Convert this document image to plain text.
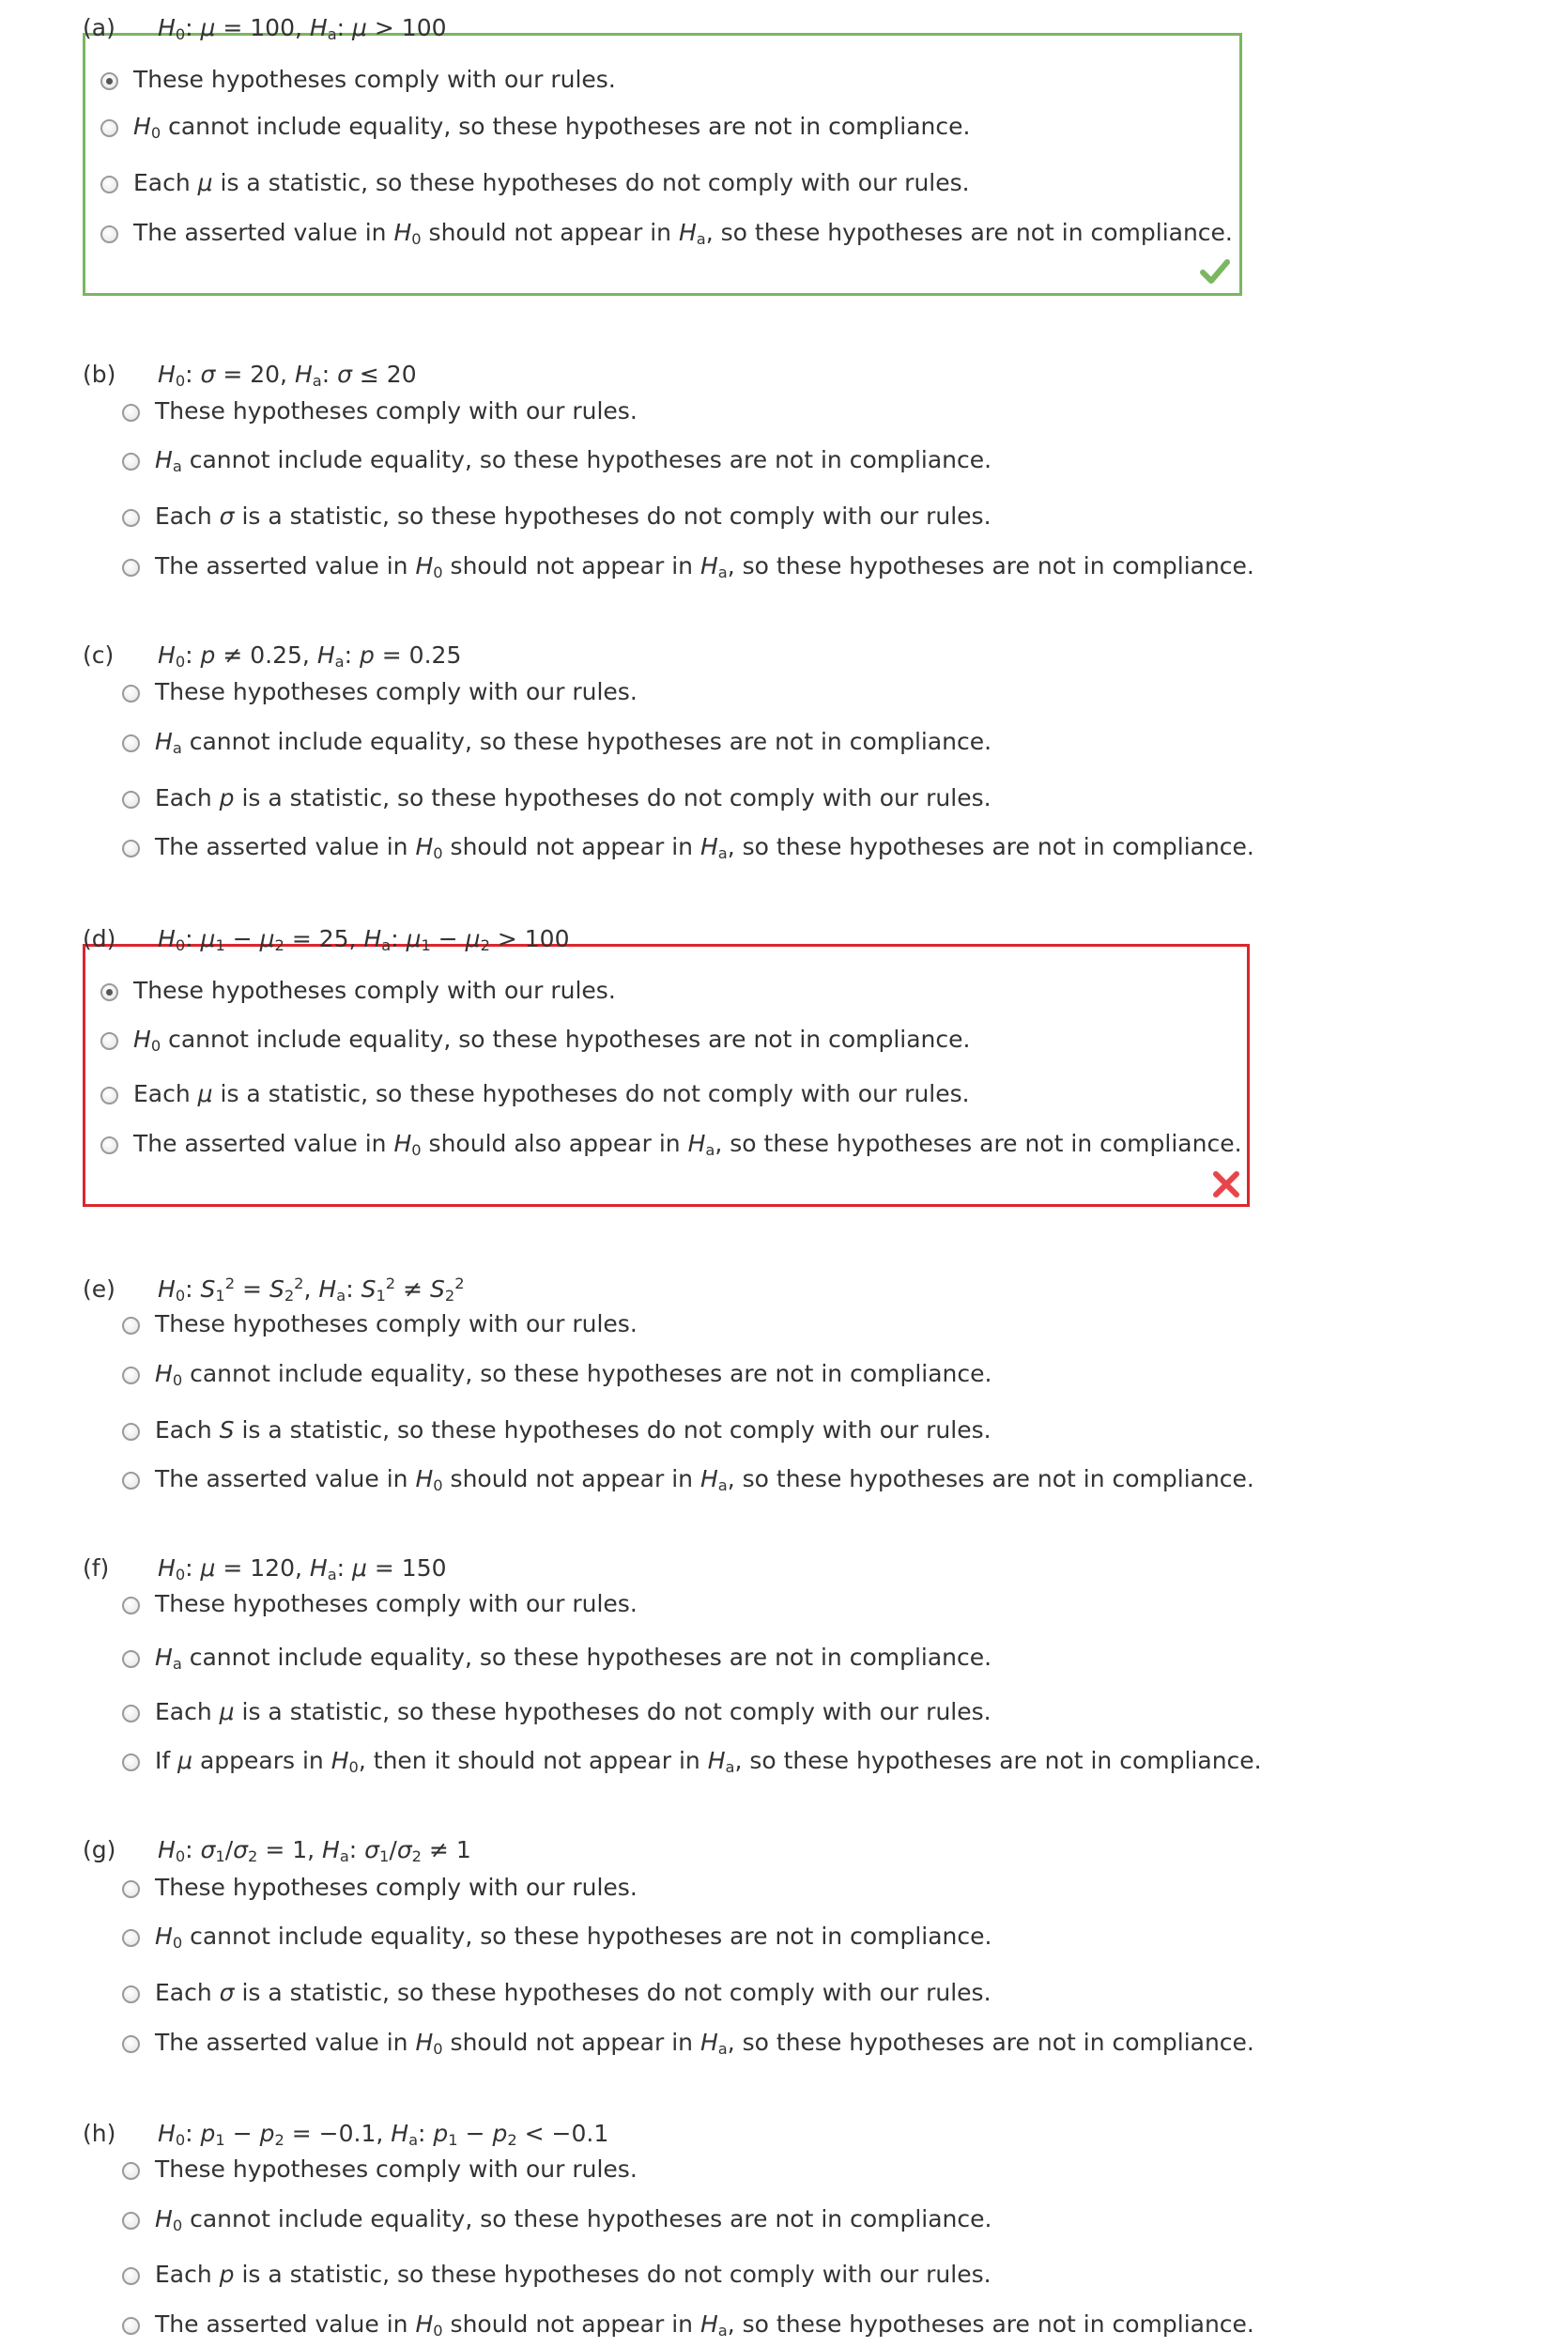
(a) $H_0$: μ = 100, $H_a$: μ > 100
These hypotheses comply with our rules.
$H_0$ cannot include equality, so these hypotheses are not in compliance.
Each μ is a statistic, so these hypotheses do not comply with our rules.
The asserted value in $H_0$ should not appear in $H_a$, so these hypotheses are not in compliance.
(b) $H_0$: σ = 20, $H_a$: σ ≤ 20
These hypotheses comply with our rules.
$H_a$ cannot include equality, so these hypotheses are not in compliance.
Each σ is a statistic, so these hypotheses do not comply with our rules.
The asserted value in $H_0$ should not appear in $H_a$, so these hypotheses are not in compliance.
(c) $H_0$: p ≠ 0.25, $H_a$: p = 0.25
These hypotheses comply with our rules.
$H_a$ cannot include equality, so these hypotheses are not in compliance.
Each p is a statistic, so these hypotheses do not comply with our rules.
The asserted value in $H_0$ should not appear in $H_a$, so these hypotheses are not in compliance.
(d) $H_0$: $\mu_1 - \mu_2 = 25$, $H_a$: $\mu_1 - \mu_2 > 100$
These hypotheses comply with our rules.
$H_0$ cannot include equality, so these hypotheses are not in compliance.
Each μ is a statistic, so these hypotheses do not comply with our rules.
The asserted value in $H_0$ should also appear in $H_a$, so these hypotheses are not in compliance.
(e) $H_0$: $S_1^2 = S_2^2$, $H_a$: $S_1^2 \ne S_2^2$
These hypotheses comply with our rules.
$H_0$ cannot include equality, so these hypotheses are not in compliance.
Each S is a statistic, so these hypotheses do not comply with our rules.
The asserted value in $H_0$ should not appear in $H_a$, so these hypotheses are not in compliance.
(f) $H_0$: μ = 120, $H_a$: μ = 150
These hypotheses comply with our rules.
$H_a$ cannot include equality, so these hypotheses are not in compliance.
Each μ is a statistic, so these hypotheses do not comply with our rules.
If μ appears in $H_0$, then it should not appear in $H_a$, so these hypotheses are not in compliance.
(g) $H_0$: $\sigma_1/\sigma_2 = 1$, $H_a$: $\sigma_1/\sigma_2 \ne 1$
These hypotheses comply with our rules.
$H_0$ cannot include equality, so these hypotheses are not in compliance.
Each σ is a statistic, so these hypotheses do not comply with our rules.
The asserted value in $H_0$ should not appear in $H_a$, so these hypotheses are not in compliance.
(h) $H_0$: $p_1 - p_2 = -0.1$, $H_a$: $p_1 - p_2 < -0.1$
These hypotheses comply with our rules.
$H_0$ cannot include equality, so these hypotheses are not in compliance.
Each p is a statistic, so these hypotheses do not comply with our rules.
The asserted value in $H_0$ should not appear in $H_a$, so these hypotheses are not in compliance.
